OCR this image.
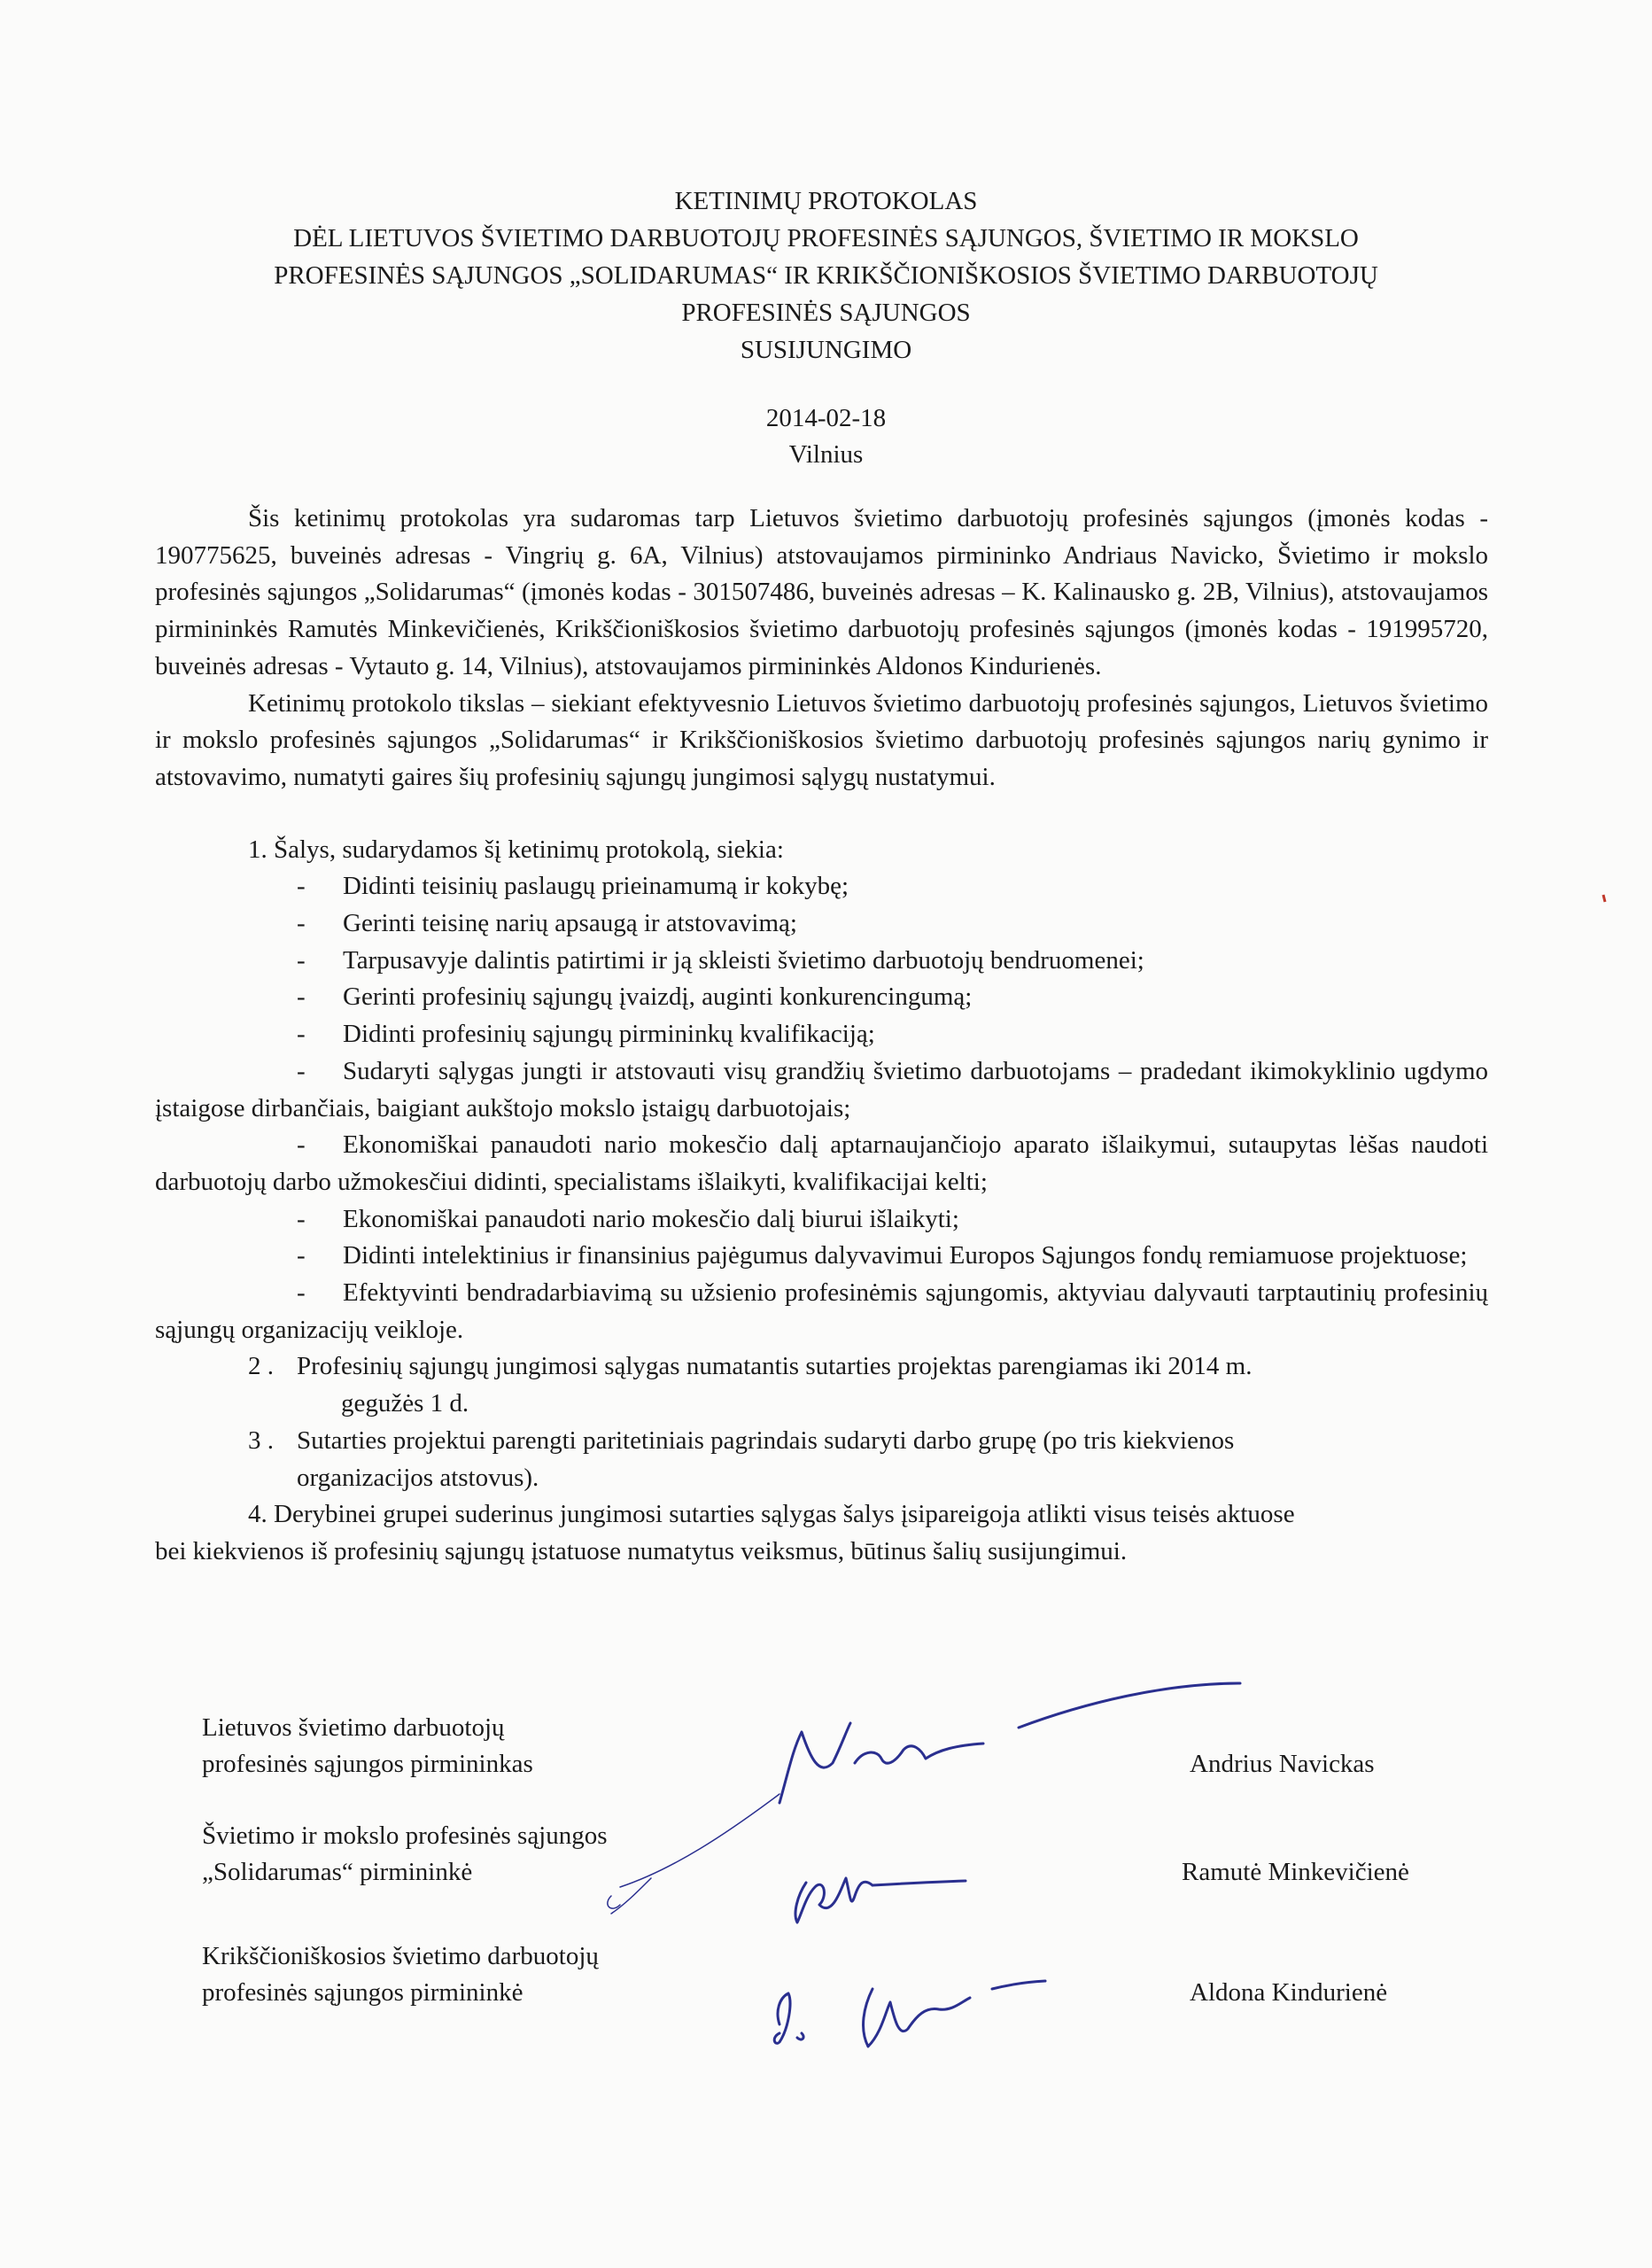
KETINIMŲ PROTOKOLAS
DĖL LIETUVOS ŠVIETIMO DARBUOTOJŲ PROFESINĖS SĄJUNGOS, ŠVIETIMO IR MOKSLO
PROFESINĖS SĄJUNGOS „SOLIDARUMAS“ IR KRIKŠČIONIŠKOSIOS ŠVIETIMO DARBUOTOJŲ
PROFESINĖS SĄJUNGOS
SUSIJUNGIMO
2014-02-18
Vilnius

Šis ketinimų protokolas yra sudaromas tarp Lietuvos švietimo darbuotojų profesinės sąjungos (įmonės kodas - 190775625, buveinės adresas - Vingrių g. 6A, Vilnius) atstovaujamos pirmininko Andriaus Navicko, Švietimo ir mokslo profesinės sąjungos „Solidarumas“ (įmonės kodas - 301507486, buveinės adresas – K. Kalinausko g. 2B, Vilnius), atstovaujamos pirmininkės Ramutės Minkevičienės, Krikščioniškosios švietimo darbuotojų profesinės sąjungos (įmonės kodas - 191995720, buveinės adresas - Vytauto g. 14, Vilnius), atstovaujamos pirmininkės Aldonos Kindurienės.

Ketinimų protokolo tikslas – siekiant efektyvesnio Lietuvos švietimo darbuotojų profesinės sąjungos, Lietuvos švietimo ir mokslo profesinės sąjungos „Solidarumas“ ir Krikščioniškosios švietimo darbuotojų profesinės sąjungos narių gynimo ir atstovavimo, numatyti gaires šių profesinių sąjungų jungimosi sąlygų nustatymui.

1. Šalys, sudarydamos šį ketinimų protokolą, siekia:

- Didinti teisinių paslaugų prieinamumą ir kokybę;

- Gerinti teisinę narių apsaugą ir atstovavimą;

- Tarpusavyje dalintis patirtimi ir ją skleisti švietimo darbuotojų bendruomenei;

- Gerinti profesinių sąjungų įvaizdį, auginti konkurencingumą;

- Didinti profesinių sąjungų pirmininkų kvalifikaciją;

- Sudaryti sąlygas jungti ir atstovauti visų grandžių švietimo darbuotojams – pradedant ikimokyklinio ugdymo įstaigose dirbančiais, baigiant aukštojo mokslo įstaigų darbuotojais;

- Ekonomiškai panaudoti nario mokesčio dalį aptarnaujančiojo aparato išlaikymui, sutaupytas lėšas naudoti darbuotojų darbo užmokesčiui didinti, specialistams išlaikyti, kvalifikacijai kelti;

- Ekonomiškai panaudoti nario mokesčio dalį biurui išlaikyti;

- Didinti intelektinius ir finansinius pajėgumus dalyvavimui Europos Sąjungos fondų remiamuose projektuose;

- Efektyvinti bendradarbiavimą su užsienio profesinėmis sąjungomis, aktyviau dalyvauti tarptautinių profesinių sąjungų organizacijų veikloje.

2 . Profesinių sąjungų jungimosi sąlygas numatantis sutarties projektas parengiamas iki 2014 m.
gegužės 1 d.
3 . Sutarties projektui parengti paritetiniais pagrindais sudaryti darbo grupę (po tris kiekvienos
organizacijos atstovus).
4. Derybinei grupei suderinus jungimosi sutarties sąlygas šalys įsipareigoja atlikti visus teisės aktuose
bei kiekvienos iš profesinių sąjungų įstatuose numatytus veiksmus, būtinus šalių susijungimui.
Lietuvos švietimo darbuotojų
profesinės sąjungos pirmininkas	Andrius Navickas
Švietimo ir mokslo profesinės sąjungos
„Solidarumas“ pirmininkė	Ramutė Minkevičienė
Krikščioniškosios švietimo darbuotojų
profesinės sąjungos pirmininkė	Aldona Kindurienė
